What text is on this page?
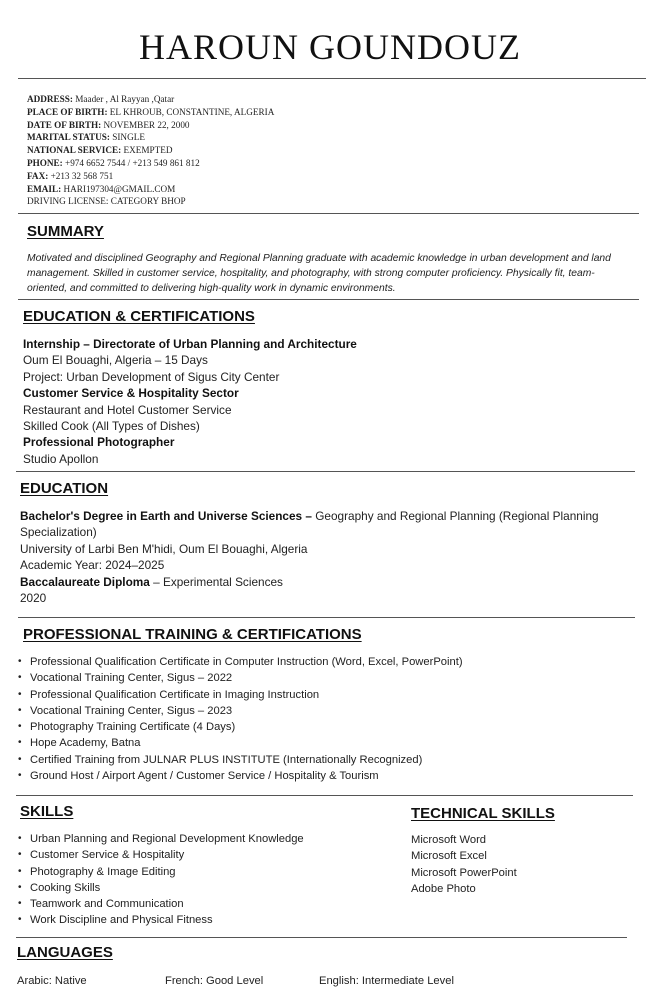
HAROUN GOUNDOUZ
ADDRESS: Maader , Al Rayyan ,Qatar
PLACE OF BIRTH: EL KHROUB, CONSTANTINE, ALGERIA
DATE OF BIRTH: NOVEMBER 22, 2000
MARITAL STATUS: SINGLE
NATIONAL SERVICE: EXEMPTED
PHONE: +974 6652 7544 / +213 549 861 812
FAX: +213 32 568 751
EMAIL: HARI197304@GMAIL.COM
DRIVING LICENSE: CATEGORY BHOP
SUMMARY
Motivated and disciplined Geography and Regional Planning graduate with academic knowledge in urban development and land management. Skilled in customer service, hospitality, and photography, with strong computer proficiency. Physically fit, team-oriented, and committed to delivering high-quality work in dynamic environments.
EDUCATION & CERTIFICATIONS
Internship – Directorate of Urban Planning and Architecture
Oum El Bouaghi, Algeria – 15 Days
Project: Urban Development of Sigus City Center
Customer Service & Hospitality Sector
Restaurant and Hotel Customer Service
Skilled Cook (All Types of Dishes)
Professional Photographer
Studio Apollon
EDUCATION
Bachelor's Degree in Earth and Universe Sciences – Geography and Regional Planning (Regional Planning
Specialization)
University of Larbi Ben M'hidi, Oum El Bouaghi, Algeria
Academic Year: 2024–2025
Baccalaureate Diploma – Experimental Sciences
2020
PROFESSIONAL TRAINING & CERTIFICATIONS
• Professional Qualification Certificate in Computer Instruction (Word, Excel, PowerPoint)
• Vocational Training Center, Sigus – 2022
• Professional Qualification Certificate in Imaging Instruction
• Vocational Training Center, Sigus – 2023
• Photography Training Certificate (4 Days)
• Hope Academy, Batna
• Certified Training from JULNAR PLUS INSTITUTE (Internationally Recognized)
• Ground Host / Airport Agent / Customer Service / Hospitality & Tourism
SKILLS
• Urban Planning and Regional Development Knowledge
• Customer Service & Hospitality
• Photography & Image Editing
• Cooking Skills
• Teamwork and Communication
• Work Discipline and Physical Fitness
TECHNICAL SKILLS
Microsoft Word
Microsoft Excel
Microsoft PowerPoint
Adobe Photo
LANGUAGES
Arabic: Native	French: Good Level	English: Intermediate Level
